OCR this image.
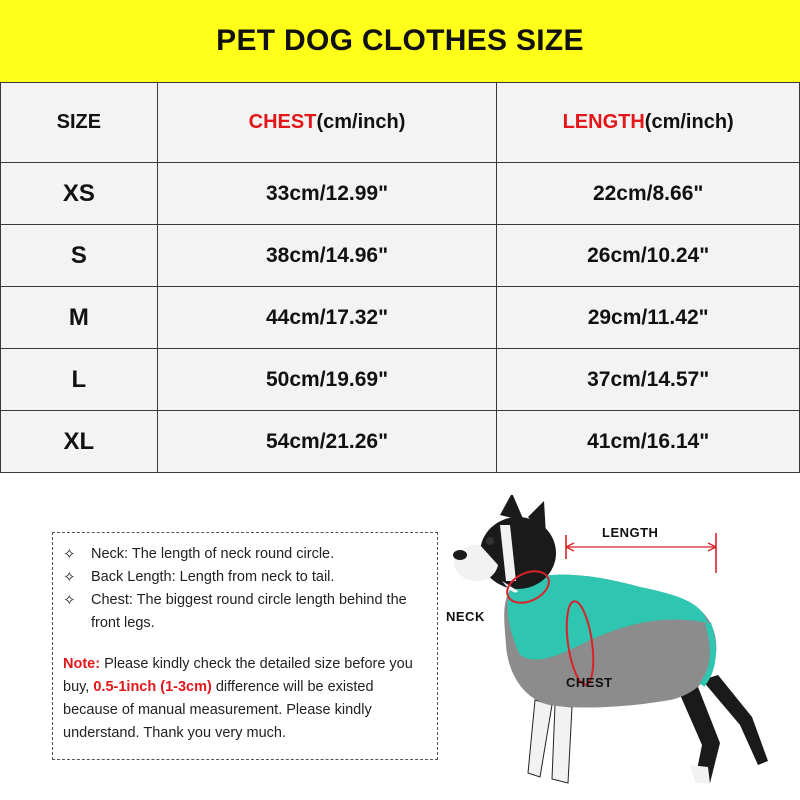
PET DOG CLOTHES SIZE
SIZE	CHEST(cm/inch)	LENGTH(cm/inch)
XS	33cm/12.99"	22cm/8.66"
S	38cm/14.96"	26cm/10.24"
M	44cm/17.32"	29cm/11.42"
L	50cm/19.69"	37cm/14.57"
XL	54cm/21.26"	41cm/16.14"
✧	Neck: The length of neck round circle.
✧	Back Length: Length from neck to tail.
✧	Chest: The biggest round circle length behind the front legs.

Note: Please kindly check the detailed size before you buy, 0.5-1inch (1-3cm) difference will be existed because of manual measurement. Please kindly understand. Thank you very much.

LENGTH
NECK
CHEST
